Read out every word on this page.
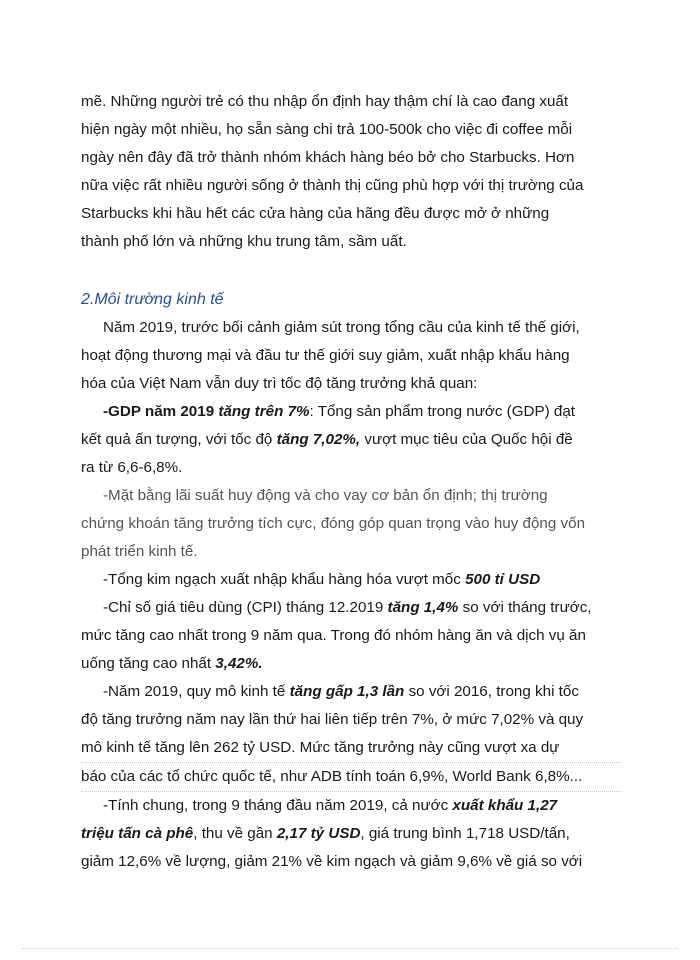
mẽ. Những người trẻ có thu nhập ổn định hay thậm chí là cao đang xuất
hiện ngày một nhiều, họ sẵn sàng chi trả 100-500k cho việc đi coffee mỗi
ngày nên đây đã trở thành nhóm khách hàng béo bở cho Starbucks. Hơn
nữa việc rất nhiều người sống ở thành thị cũng phù hợp với thị trường của
Starbucks khi hầu hết các cửa hàng của hãng đều được mở ở những
thành phố lớn và những khu trung tâm, sầm uất.
2.Môi trường kinh tế
Năm 2019, trước bối cảnh giảm sút trong tổng cầu của kinh tế thế giới,
hoạt động thương mại và đầu tư thế giới suy giảm, xuất nhập khẩu hàng
hóa của Việt Nam vẫn duy trì tốc độ tăng trưởng khả quan:
-GDP năm 2019 tăng trên 7%: Tổng sản phẩm trong nước (GDP) đạt
kết quả ấn tượng, với tốc độ tăng 7,02%, vượt mục tiêu của Quốc hội đề
ra từ 6,6-6,8%.
-Mặt bằng lãi suất huy động và cho vay cơ bản ổn định; thị trường
chứng khoán tăng trưởng tích cực, đóng góp quan trọng vào huy động vốn
phát triển kinh tế.
-Tổng kim ngạch xuất nhập khẩu hàng hóa vượt mốc 500 tỉ USD
-Chỉ số giá tiêu dùng (CPI) tháng 12.2019 tăng 1,4% so với tháng trước,
mức tăng cao nhất trong 9 năm qua. Trong đó nhóm hàng ăn và dịch vụ ăn
uống tăng cao nhất 3,42%.
-Năm 2019, quy mô kinh tế tăng gấp 1,3 lần so với 2016, trong khi tốc
độ tăng trưởng năm nay lần thứ hai liên tiếp trên 7%, ở mức 7,02% và quy
mô kinh tế tăng lên 262 tỷ USD. Mức tăng trưởng này cũng vượt xa dự
báo của các tổ chức quốc tế, như ADB tính toán 6,9%, World Bank 6,8%...
-Tính chung, trong 9 tháng đầu năm 2019, cả nước xuất khẩu 1,27
triệu tấn cà phê, thu về gần 2,17 tỷ USD, giá trung bình 1,718 USD/tấn,
giảm 12,6% về lượng, giảm 21% về kim ngạch và giảm 9,6% về giá so với
